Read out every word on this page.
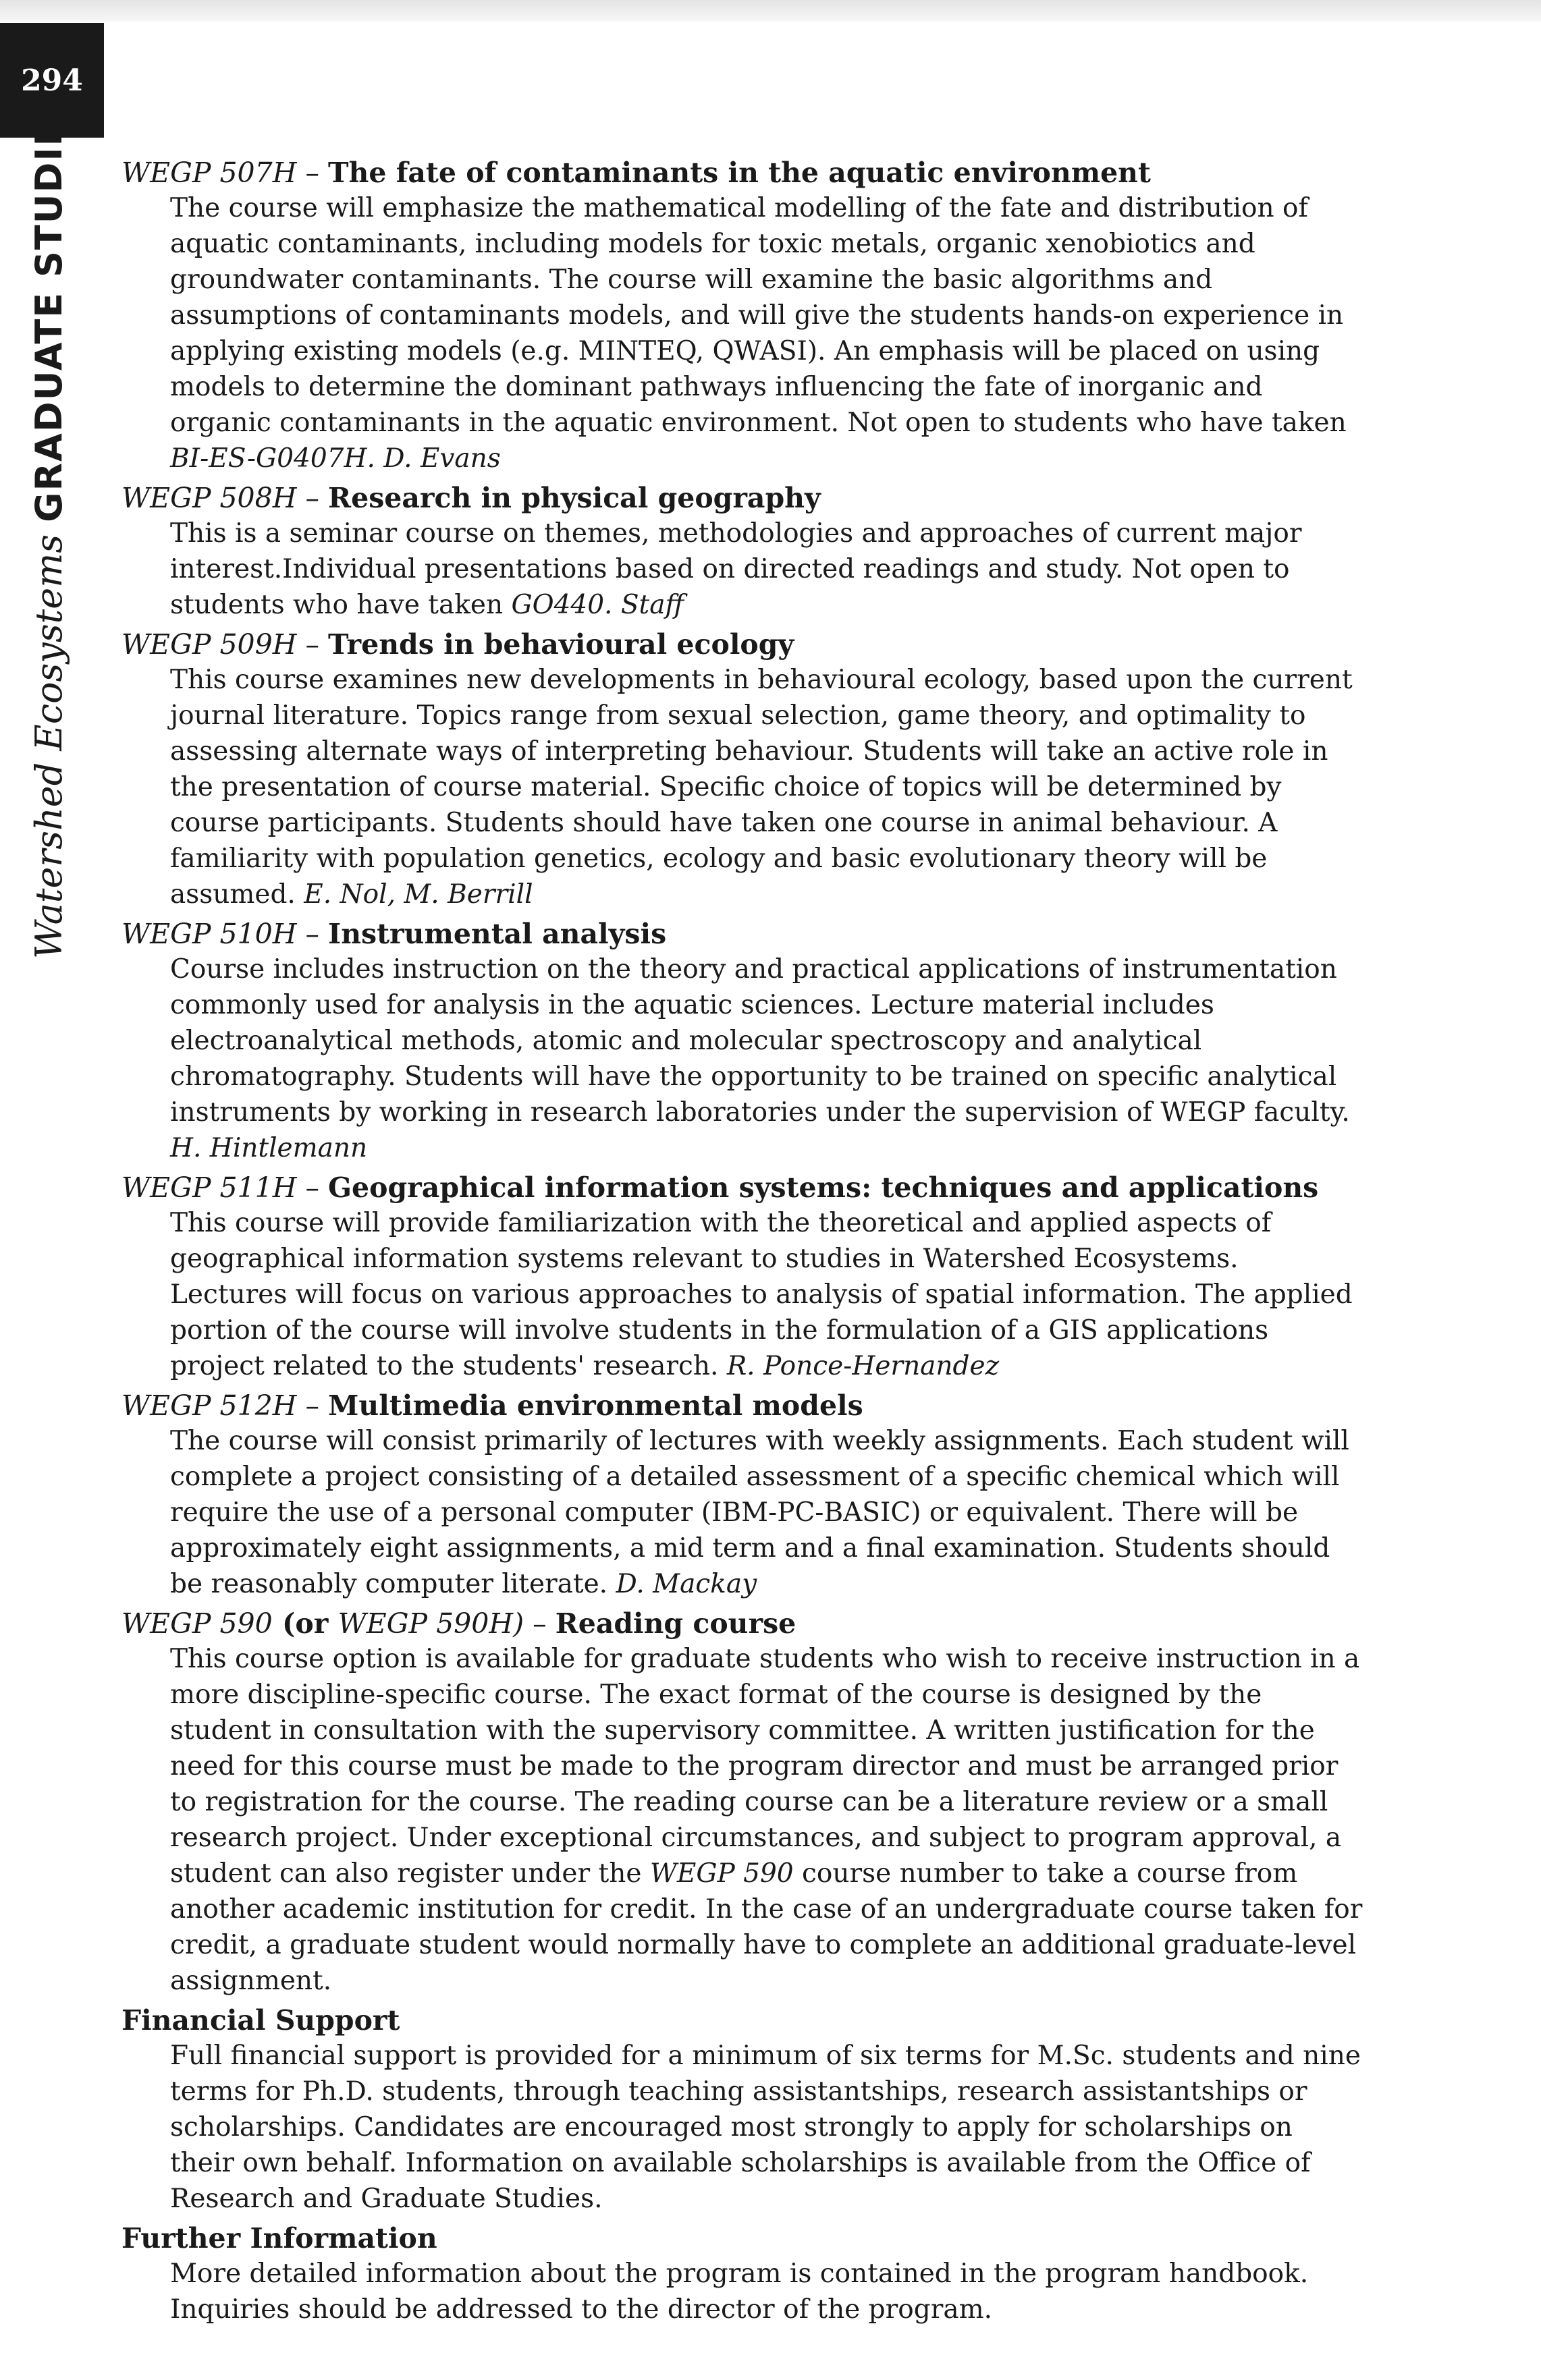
294
Watershed EcosystemsGRADUATE STUDIES WEGP 507H – The fate of contaminants in the aquatic environment
The course will emphasize the mathematical modelling of the fate and distribution of aquatic contaminants, including models for toxic metals, organic xenobiotics and groundwater contaminants. The course will examine the basic algorithms and assumptions of contaminants models, and will give the students hands-on experience in applying existing models (e.g. MINTEQ, QWASI). An emphasis will be placed on using models to determine the dominant pathways influencing the fate of inorganic and organic contaminants in the aquatic environment. Not open to students who have taken BI-ES-G0407H. D. Evans
WEGP 508H – Research in physical geography
This is a seminar course on themes, methodologies and approaches of current major interest.Individual presentations based on directed readings and study. Not open to students who have taken GO440. Staff
WEGP 509H – Trends in behavioural ecology
This course examines new developments in behavioural ecology, based upon the current journal literature. Topics range from sexual selection, game theory, and optimality to assessing alternate ways of interpreting behaviour. Students will take an active role in the presentation of course material. Specific choice of topics will be determined by course participants. Students should have taken one course in animal behaviour. A familiarity with population genetics, ecology and basic evolutionary theory will be assumed. E. Nol, M. Berrill
WEGP 510H – Instrumental analysis
Course includes instruction on the theory and practical applications of instrumentation commonly used for analysis in the aquatic sciences. Lecture material includes electroanalytical methods, atomic and molecular spectroscopy and analytical chromatography. Students will have the opportunity to be trained on specific analytical instruments by working in research laboratories under the supervision of WEGP faculty. H. Hintlemann
WEGP 511H – Geographical information systems: techniques and applications
This course will provide familiarization with the theoretical and applied aspects of geographical information systems relevant to studies in Watershed Ecosystems. Lectures will focus on various approaches to analysis of spatial information. The applied portion of the course will involve students in the formulation of a GIS applications project related to the students' research. R. Ponce-Hernandez
WEGP 512H – Multimedia environmental models
The course will consist primarily of lectures with weekly assignments. Each student will complete a project consisting of a detailed assessment of a specific chemical which will require the use of a personal computer (IBM-PC-BASIC) or equivalent. There will be approximately eight assignments, a mid term and a final examination. Students should be reasonably computer literate. D. Mackay
WEGP 590 (or WEGP 590H) – Reading course
This course option is available for graduate students who wish to receive instruction in a more discipline-specific course. The exact format of the course is designed by the student in consultation with the supervisory committee. A written justification for the need for this course must be made to the program director and must be arranged prior to registration for the course. The reading course can be a literature review or a small research project. Under exceptional circumstances, and subject to program approval, a student can also register under the WEGP 590 course number to take a course from another academic institution for credit. In the case of an undergraduate course taken for credit, a graduate student would normally have to complete an additional graduate-level assignment.
Financial Support
Full financial support is provided for a minimum of six terms for M.Sc. students and nine terms for Ph.D. students, through teaching assistantships, research assistantships or scholarships. Candidates are encouraged most strongly to apply for scholarships on their own behalf. Information on available scholarships is available from the Office of Research and Graduate Studies.
Further Information
More detailed information about the program is contained in the program handbook. Inquiries should be addressed to the director of the program.
